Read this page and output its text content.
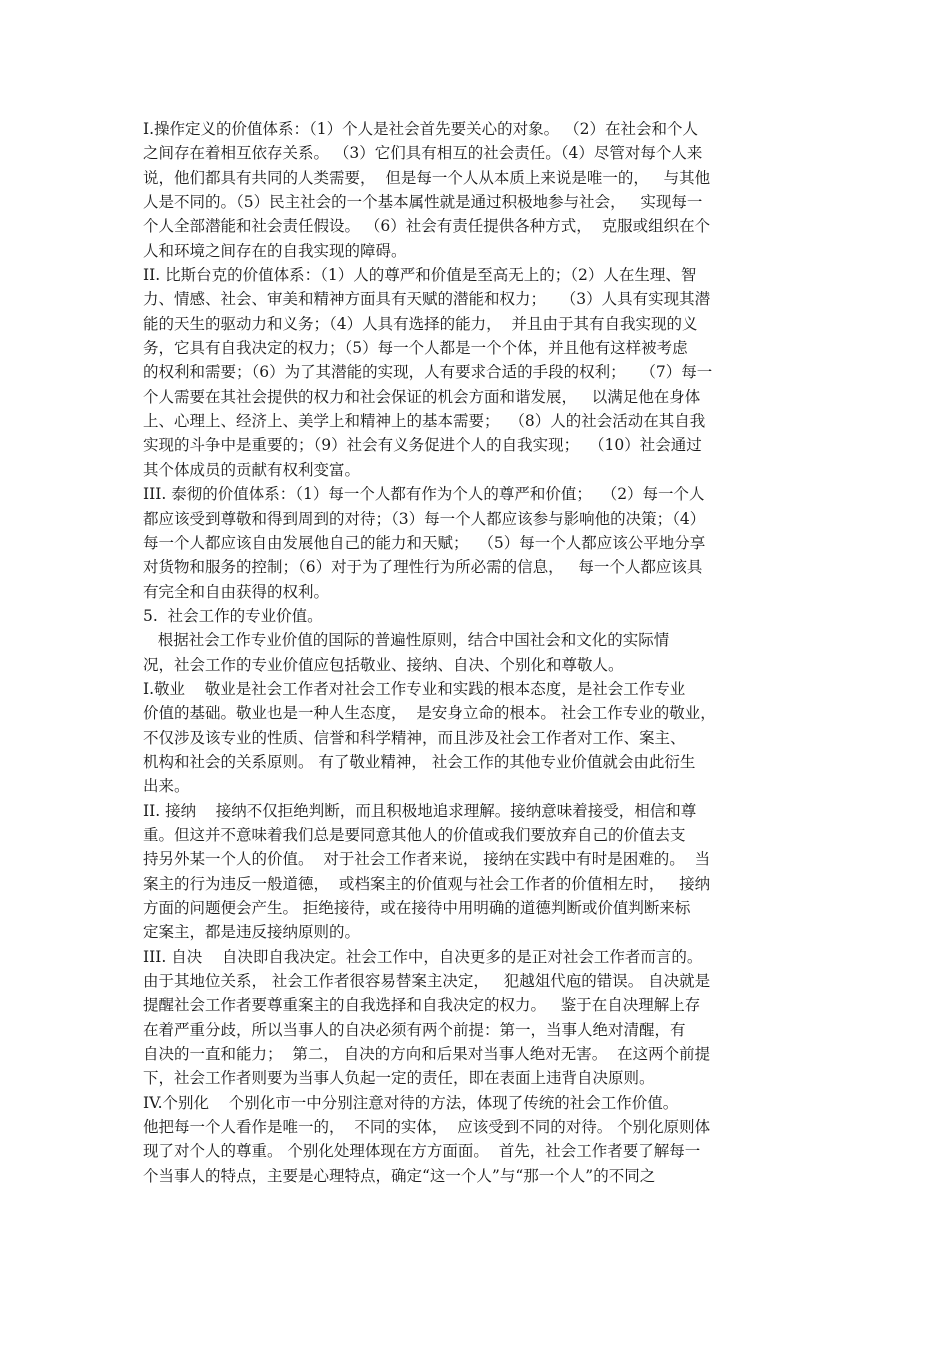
I.操作定义的价值体系：（1）个人是社会首先要关心的对象。 （2）在社会和个人
之间存在着相互依存关系。 （3）它们具有相互的社会责任。（4）尽管对每个人来
说，他们都具有共同的人类需要，  但是每一个人从本质上来说是唯一的，   与其他
人是不同的。（5）民主社会的一个基本属性就是通过积极地参与社会，   实现每一
个人全部潜能和社会责任假设。 （6）社会有责任提供各种方式，  克服或组织在个
人和环境之间存在的自我实现的障碍。
II. 比斯台克的价值体系：（1）人的尊严和价值是至高无上的；（2）人在生理、智
力、情感、社会、审美和精神方面具有天赋的潜能和权力；   （3）人具有实现其潜
能的天生的驱动力和义务；（4）人具有选择的能力，  并且由于其有自我实现的义
务，它具有自我决定的权力；（5）每一个人都是一个个体，并且他有这样被考虑
的权利和需要；（6）为了其潜能的实现，人有要求合适的手段的权利；   （7）每一
个人需要在其社会提供的权力和社会保证的机会方面和谐发展，   以满足他在身体
上、心理上、经济上、美学上和精神上的基本需要；  （8）人的社会活动在其自我
实现的斗争中是重要的；（9）社会有义务促进个人的自我实现；  （10）社会通过
其个体成员的贡献有权利变富。
III. 泰彻的价值体系：（1）每一个人都有作为个人的尊严和价值；  （2）每一个人
都应该受到尊敬和得到周到的对待；（3）每一个人都应该参与影响他的决策；（4）
每一个人都应该自由发展他自己的能力和天赋；  （5）每一个人都应该公平地分享
对货物和服务的控制；（6）对于为了理性行为所必需的信息，   每一个人都应该具
有完全和自由获得的权利。
5.  社会工作的专业价值。
根据社会工作专业价值的国际的普遍性原则，结合中国社会和文化的实际情
况，社会工作的专业价值应包括敬业、接纳、自决、个别化和尊敬人。
I.敬业    敬业是社会工作者对社会工作专业和实践的根本态度，是社会工作专业
价值的基础。敬业也是一种人生态度，  是安身立命的根本。 社会工作专业的敬业，
不仅涉及该专业的性质、信誉和科学精神，而且涉及社会工作者对工作、案主、
机构和社会的关系原则。 有了敬业精神， 社会工作的其他专业价值就会由此衍生
出来。
II. 接纳    接纳不仅拒绝判断，而且积极地追求理解。接纳意味着接受，相信和尊
重。但这并不意味着我们总是要同意其他人的价值或我们要放弃自己的价值去支
持另外某一个人的价值。  对于社会工作者来说， 接纳在实践中有时是困难的。  当
案主的行为违反一般道德，  或档案主的价值观与社会工作者的价值相左时，   接纳
方面的问题便会产生。 拒绝接待，或在接待中用明确的道德判断或价值判断来标
定案主，都是违反接纳原则的。
III. 自决    自决即自我决定。社会工作中，自决更多的是正对社会工作者而言的。
由于其地位关系， 社会工作者很容易替案主决定，   犯越俎代庖的错误。 自决就是
提醒社会工作者要尊重案主的自我选择和自我决定的权力。   鉴于在自决理解上存
在着严重分歧，所以当事人的自决必须有两个前提：第一，当事人绝对清醒，有
自决的一直和能力；  第二， 自决的方向和后果对当事人绝对无害。  在这两个前提
下，社会工作者则要为当事人负起一定的责任，即在表面上违背自决原则。
IV.个别化    个别化市一中分别注意对待的方法，体现了传统的社会工作价值。
他把每一个人看作是唯一的，  不同的实体，  应该受到不同的对待。 个别化原则体
现了对个人的尊重。 个别化处理体现在方方面面。  首先，社会工作者要了解每一
个当事人的特点，主要是心理特点，确定“这一个人”与“那一个人”的不同之
